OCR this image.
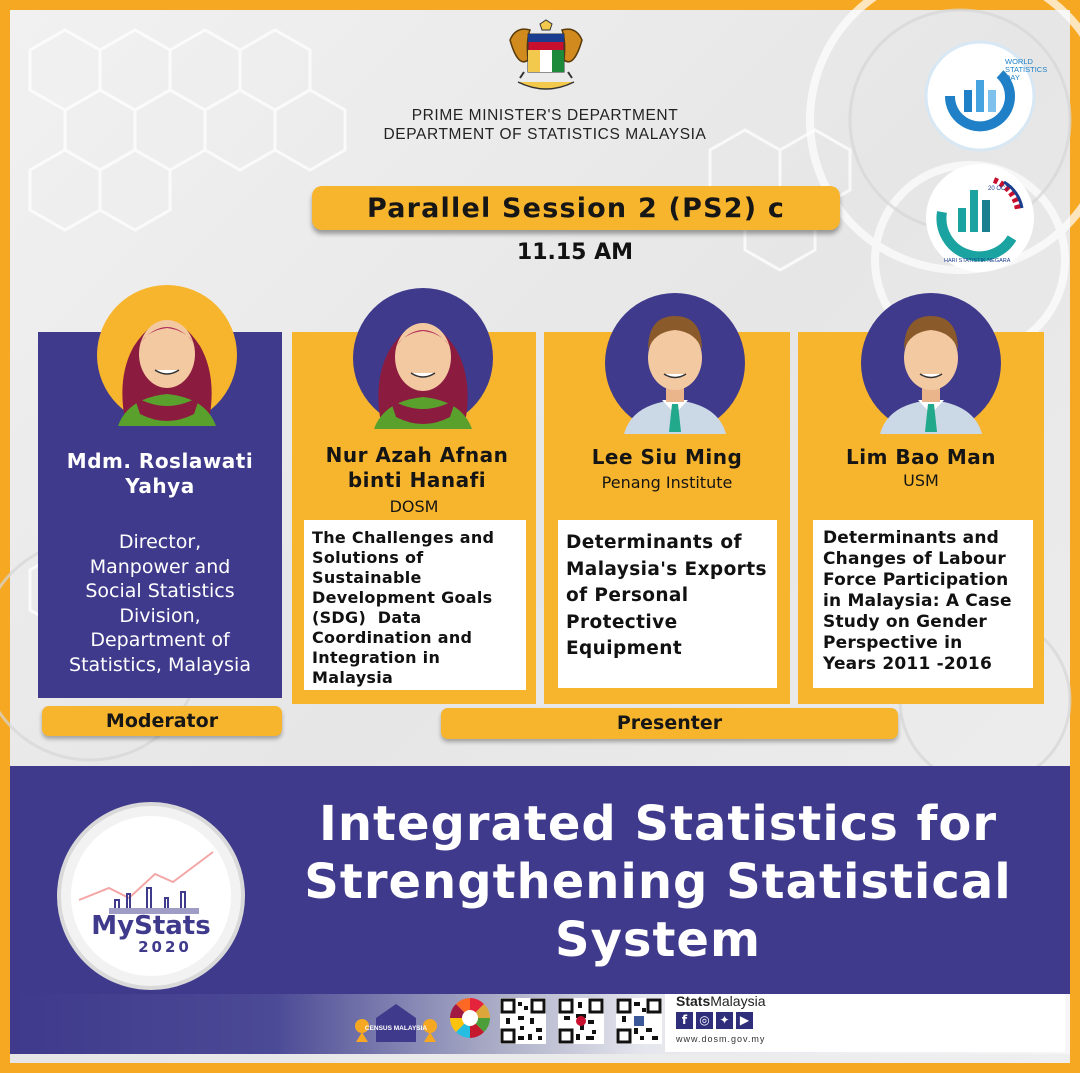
PRIME MINISTER'S DEPARTMENT
DEPARTMENT OF STATISTICS MALAYSIA
WORLD
STATISTICS
DAY
20 OCT
HARI STATISTIK NEGARA
Parallel Session 2 (PS2) c
11.15 AM
Mdm. Roslawati
Yahya
Director,
Manpower and
Social Statistics
Division,
Department of
Statistics, Malaysia
Nur Azah Afnan
binti Hanafi
DOSM
Lee Siu Ming
Penang Institute
Lim Bao Man
USM
The Challenges and
Solutions of
Sustainable
Development Goals
(SDG)  Data
Coordination and
Integration in
Malaysia
Determinants of
Malaysia's Exports
of Personal
Protective
Equipment
Determinants and
Changes of Labour
Force Participation
in Malaysia: A Case
Study on Gender
Perspective in
Years 2011 -2016
Moderator	Presenter
Integrated Statistics for
Strengthening Statistical
System
MyStats
2020
CENSUS MALAYSIA
StatsMalaysia
f	◎ ✦ ▶
www.dosm.gov.my
